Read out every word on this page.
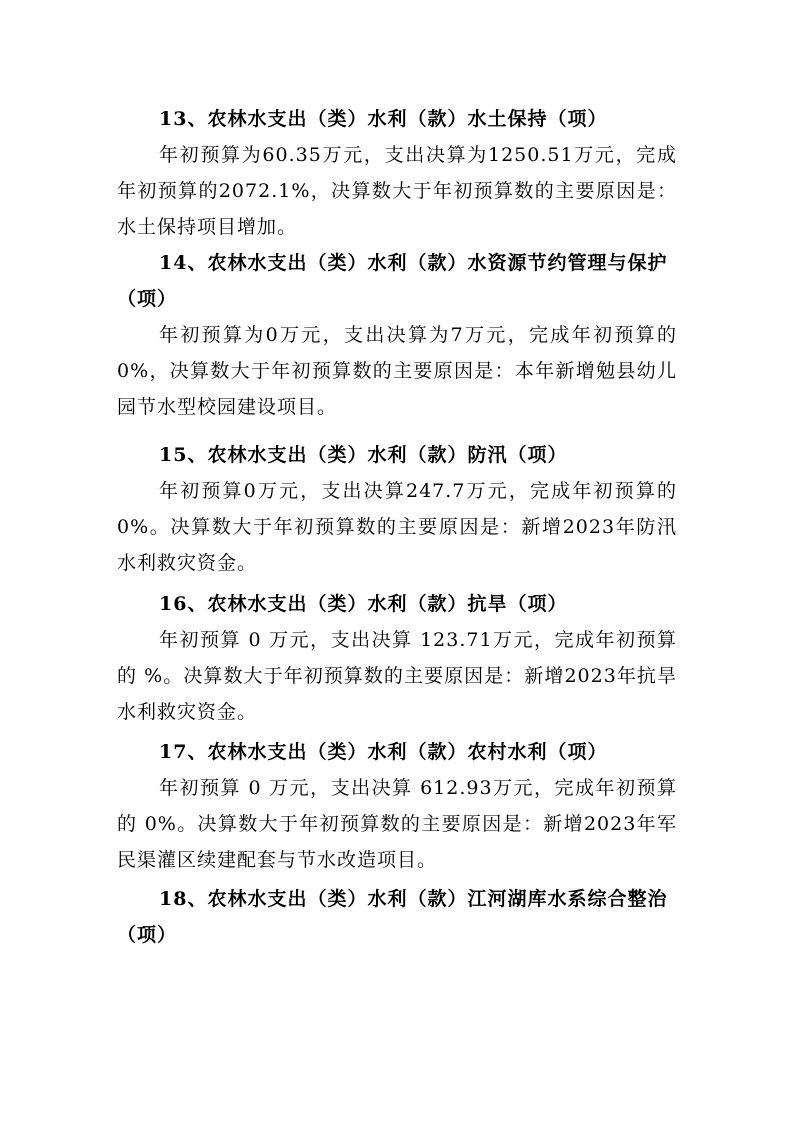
13、农林水支出（类）水利（款）水土保持（项）
年初预算为60.35万元，支出决算为1250.51万元，完成年初预算的2072.1%，决算数大于年初预算数的主要原因是：水土保持项目增加。
14、农林水支出（类）水利（款）水资源节约管理与保护（项）
年初预算为0万元，支出决算为7万元，完成年初预算的0%，决算数大于年初预算数的主要原因是：本年新增勉县幼儿园节水型校园建设项目。
15、农林水支出（类）水利（款）防汛（项）
年初预算0万元，支出决算247.7万元，完成年初预算的0%。决算数大于年初预算数的主要原因是：新增2023年防汛水利救灾资金。
16、农林水支出（类）水利（款）抗旱（项）
年初预算 0 万元，支出决算 123.71万元，完成年初预算的 %。决算数大于年初预算数的主要原因是：新增2023年抗旱水利救灾资金。
17、农林水支出（类）水利（款）农村水利（项）
年初预算 0 万元，支出决算 612.93万元，完成年初预算的 0%。决算数大于年初预算数的主要原因是：新增2023年军民渠灌区续建配套与节水改造项目。
18、农林水支出（类）水利（款）江河湖库水系综合整治（项）
